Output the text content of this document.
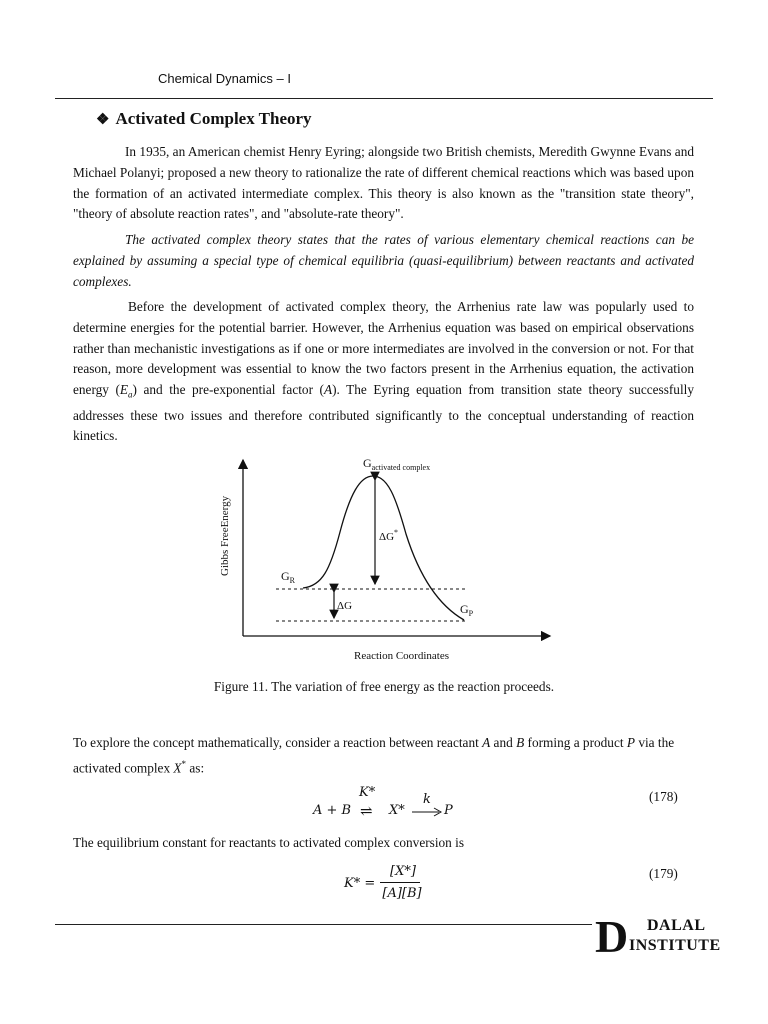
Chemical Dynamics – I
❖ Activated Complex Theory
In 1935, an American chemist Henry Eyring; alongside two British chemists, Meredith Gwynne Evans and Michael Polanyi; proposed a new theory to rationalize the rate of different chemical reactions which was based upon the formation of an activated intermediate complex. This theory is also known as the "transition state theory", "theory of absolute reaction rates", and "absolute-rate theory".
The activated complex theory states that the rates of various elementary chemical reactions can be explained by assuming a special type of chemical equilibria (quasi-equilibrium) between reactants and activated complexes.
Before the development of activated complex theory, the Arrhenius rate law was popularly used to determine energies for the potential barrier. However, the Arrhenius equation was based on empirical observations rather than mechanistic investigations as if one or more intermediates are involved in the conversion or not. For that reason, more development was essential to know the two factors present in the Arrhenius equation, the activation energy $(E_a)$ and the pre-exponential factor (A). The Eyring equation from transition state theory successfully addresses these two issues and therefore contributed significantly to the conceptual understanding of reaction kinetics.
Gibbs FreeEnergy
Reaction Coordinates
$G_{activated complex}$
$G_R$
$G_P$
ΔG*
ΔG
Figure 11. The variation of free energy as the reaction proceeds.
To explore the concept mathematically, consider a reaction between reactant A and B forming a product P via the activated complex X* as:
K*
A + B ⇌ X*
k
P
(178)
The equilibrium constant for reactants to activated complex conversion is
K* =
[X*]
[A][B]
(179)
D DALAL
INSTITUTE
